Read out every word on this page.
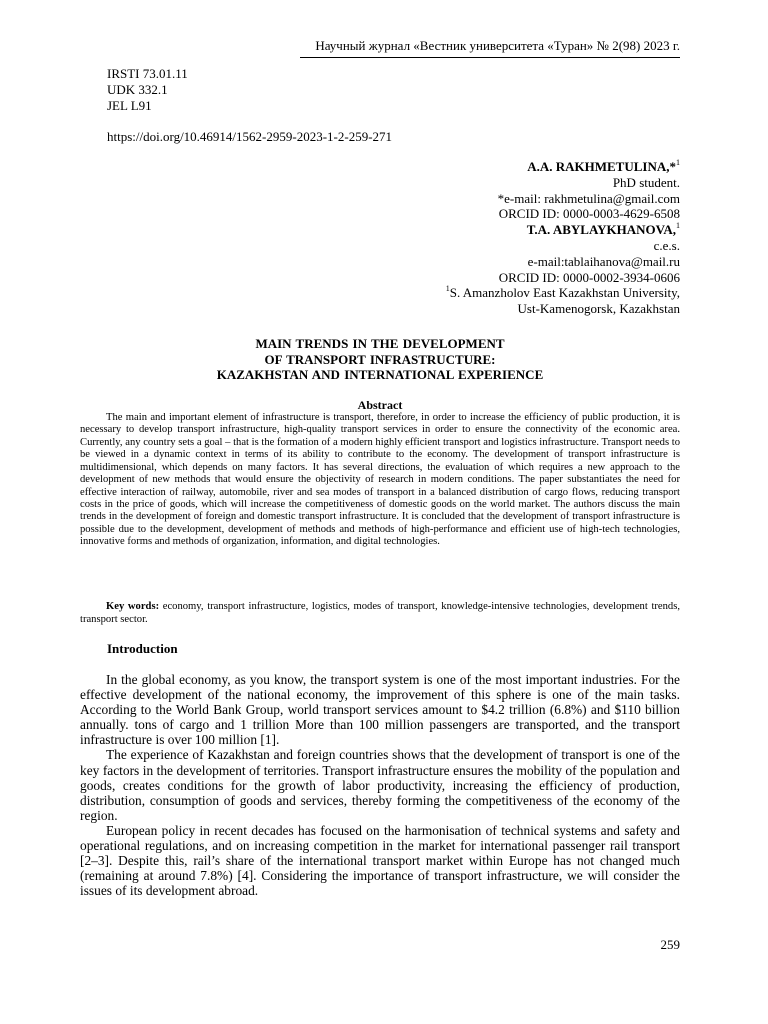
Научный журнал «Вестник университета «Туран» № 2(98) 2023 г.
IRSTI 73.01.11
UDK 332.1
JEL L91
https://doi.org/10.46914/1562-2959-2023-1-2-259-271
A.A. RAKHMETULINA,*$^1$
PhD student.
*e-mail: rakhmetulina@gmail.com
ORCID ID: 0000-0003-4629-6508
T.A. ABYLAYKHANOVA,$^1$
c.e.s.
e-mail:tablaihanova@mail.ru
ORCID ID: 0000-0002-3934-0606
$^1$S. Amanzholov East Kazakhstan University,
Ust-Kamenogorsk, Kazakhstan
MAIN TRENDS IN THE DEVELOPMENT
OF TRANSPORT INFRASTRUCTURE:
KAZAKHSTAN AND INTERNATIONAL EXPERIENCE
Abstract

The main and important element of infrastructure is transport, therefore, in order to increase the efficiency of public production, it is necessary to develop transport infrastructure, high-quality transport services in order to ensure the connectivity of the economic area. Currently, any country sets a goal – that is the formation of a modern highly efficient transport and logistics infrastructure. Transport needs to be viewed in a dynamic context in terms of its ability to contribute to the economy. The development of transport infrastructure is multidimensional, which depends on many factors. It has several directions, the evaluation of which requires a new approach to the development of new methods that would ensure the objectivity of research in modern conditions. The paper substantiates the need for effective interaction of railway, automobile, river and sea modes of transport in a balanced distribution of cargo flows, reducing transport costs in the price of goods, which will increase the competitiveness of domestic goods on the world market. The authors discuss the main trends in the development of foreign and domestic transport infrastructure. It is concluded that the development of transport infrastructure is possible due to the development, development of methods and methods of high-performance and efficient use of high-tech technologies, innovative forms and methods of organization, information, and digital technologies.

Key words: economy, transport infrastructure, logistics, modes of transport, knowledge-intensive technologies, development trends, transport sector.

Introduction

In the global economy, as you know, the transport system is one of the most important industries. For the effective development of the national economy, the improvement of this sphere is one of the main tasks. According to the World Bank Group, world transport services amount to $4.2 trillion (6.8%) and $110 billion annually. tons of cargo and 1 trillion More than 100 million passengers are transported, and the transport infrastructure is over 100 million [1].

The experience of Kazakhstan and foreign countries shows that the development of transport is one of the key factors in the development of territories. Transport infrastructure ensures the mobility of the population and goods, creates conditions for the growth of labor productivity, increasing the efficiency of production, distribution, consumption of goods and services, thereby forming the competitiveness of the economy of the region.

European policy in recent decades has focused on the harmonisation of technical systems and safety and operational regulations, and on increasing competition in the market for international passenger rail transport [2–3]. Despite this, rail’s share of the international transport market within Europe has not changed much (remaining at around 7.8%) [4]. Considering the importance of transport infrastructure, we will consider the issues of its development abroad.

259
